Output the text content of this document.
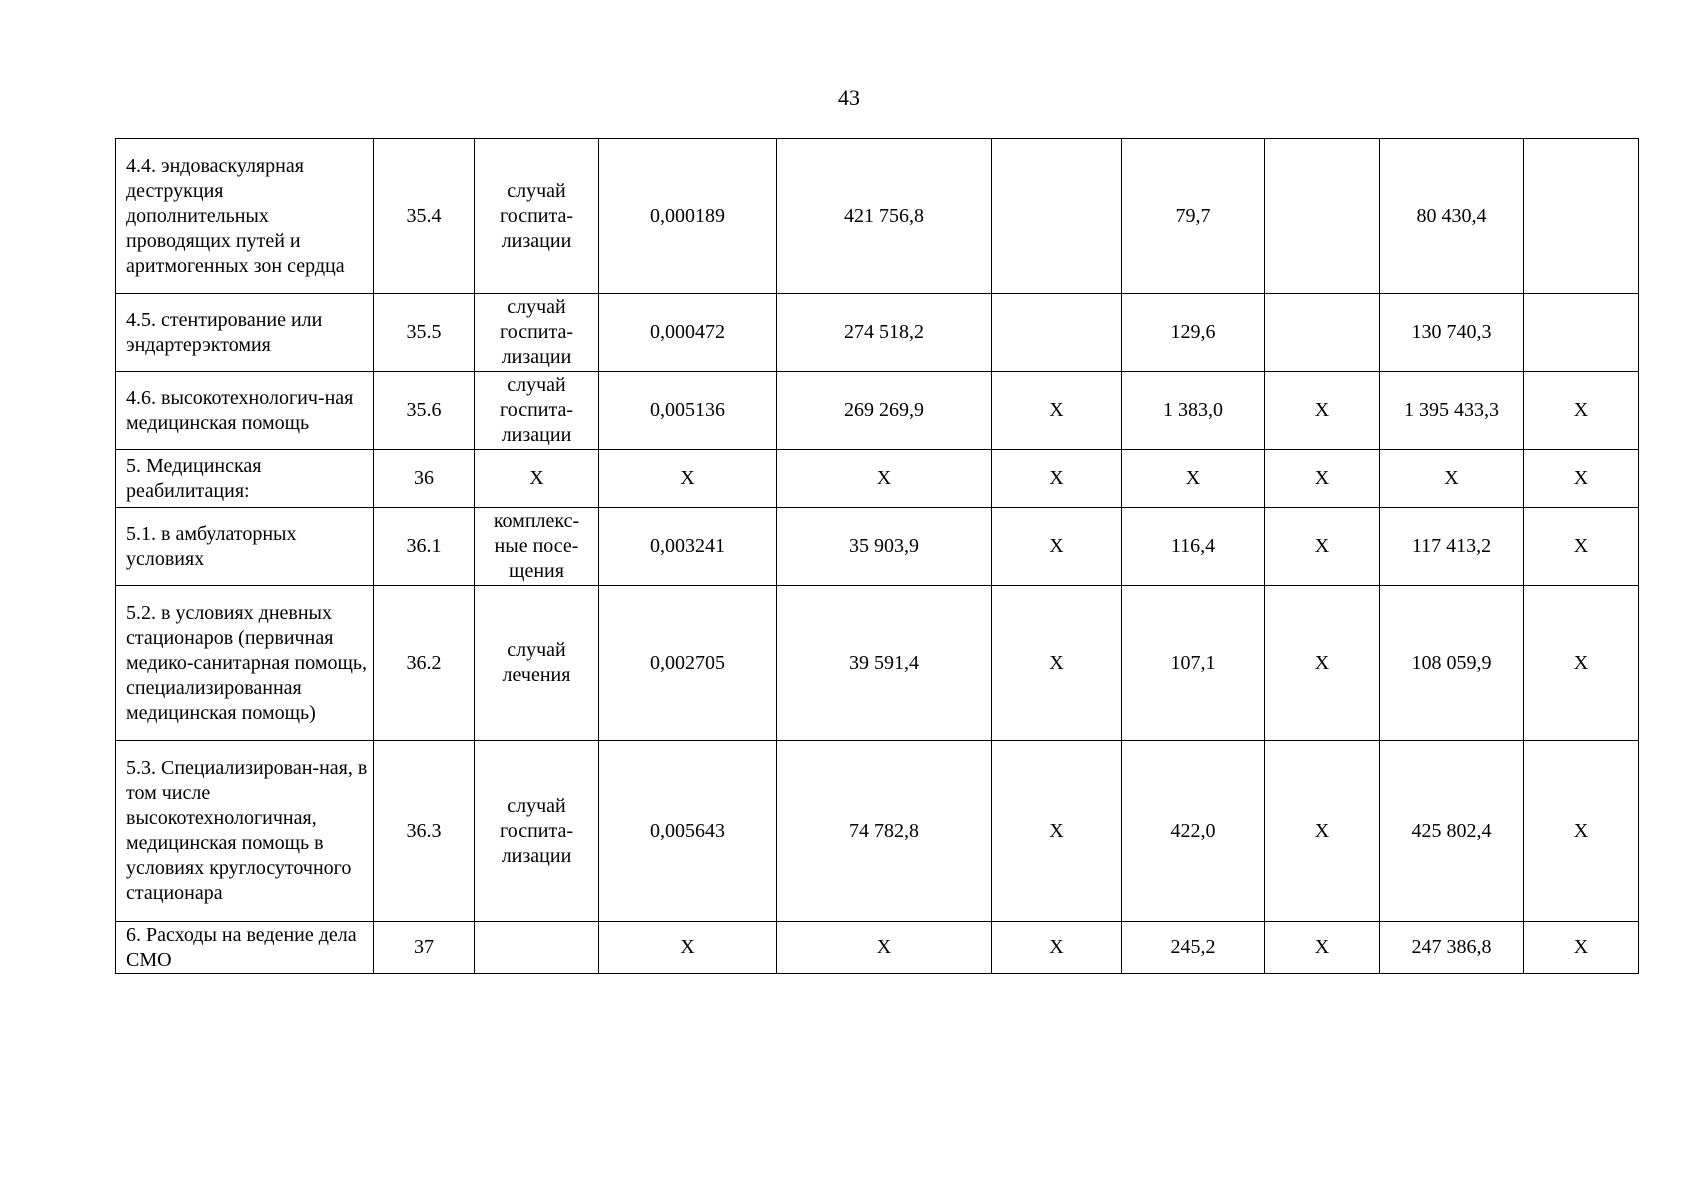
43
4.4. эндоваскулярная деструкция дополнительных проводящих путей и аритмогенных зон сердца	35.4	случай
госпита-
лизации	0,000189	421 756,8		79,7		80 430,4	
4.5. стентирование или эндартерэктомия	35.5	случай
госпита-
лизации	0,000472	274 518,2		129,6		130 740,3	
4.6. высокотехнологич-ная медицинская помощь	35.6	случай
госпита-
лизации	0,005136	269 269,9	Х	1 383,0	Х	1 395 433,3	Х
5. Медицинская реабилитация:	36	Х	Х	Х	Х	Х	Х	Х	Х
5.1. в амбулаторных условиях	36.1	комплекс-
ные посе-
щения	0,003241	35 903,9	Х	116,4	Х	117 413,2	Х
5.2. в условиях дневных стационаров (первичная медико-санитарная помощь, специализированная медицинская помощь)	36.2	случай
лечения	0,002705	39 591,4	Х	107,1	Х	108 059,9	Х
5.3. Специализирован-ная, в том числе высокотехнологичная, медицинская помощь в условиях круглосуточного стационара	36.3	случай
госпита-
лизации	0,005643	74 782,8	Х	422,0	Х	425 802,4	Х
6. Расходы на ведение дела СМО	37		Х	Х	Х	245,2	Х	247 386,8	Х
